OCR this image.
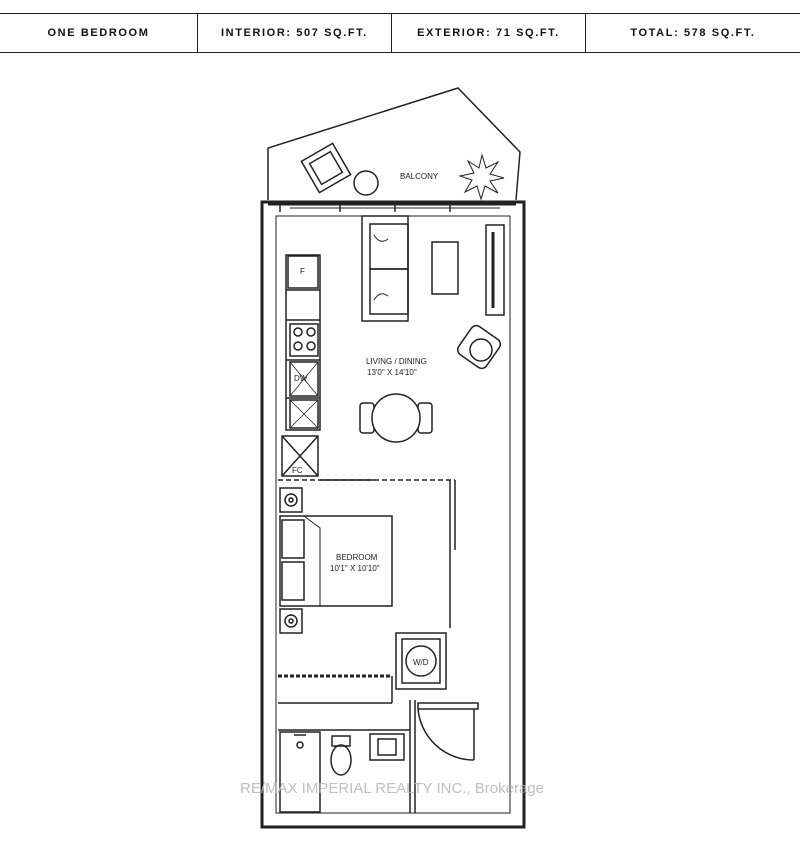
ONE BEDROOM	INTERIOR: 507 SQ.FT.	EXTERIOR: 71 SQ.FT.	TOTAL: 578 SQ.FT.
BALCONY
F
DW
FC
LIVING / DINING
13'0" X 14'10"
BEDROOM
10'1" X 10'10"
W/D
RE/MAX IMPERIAL REALTY INC., Brokerage
